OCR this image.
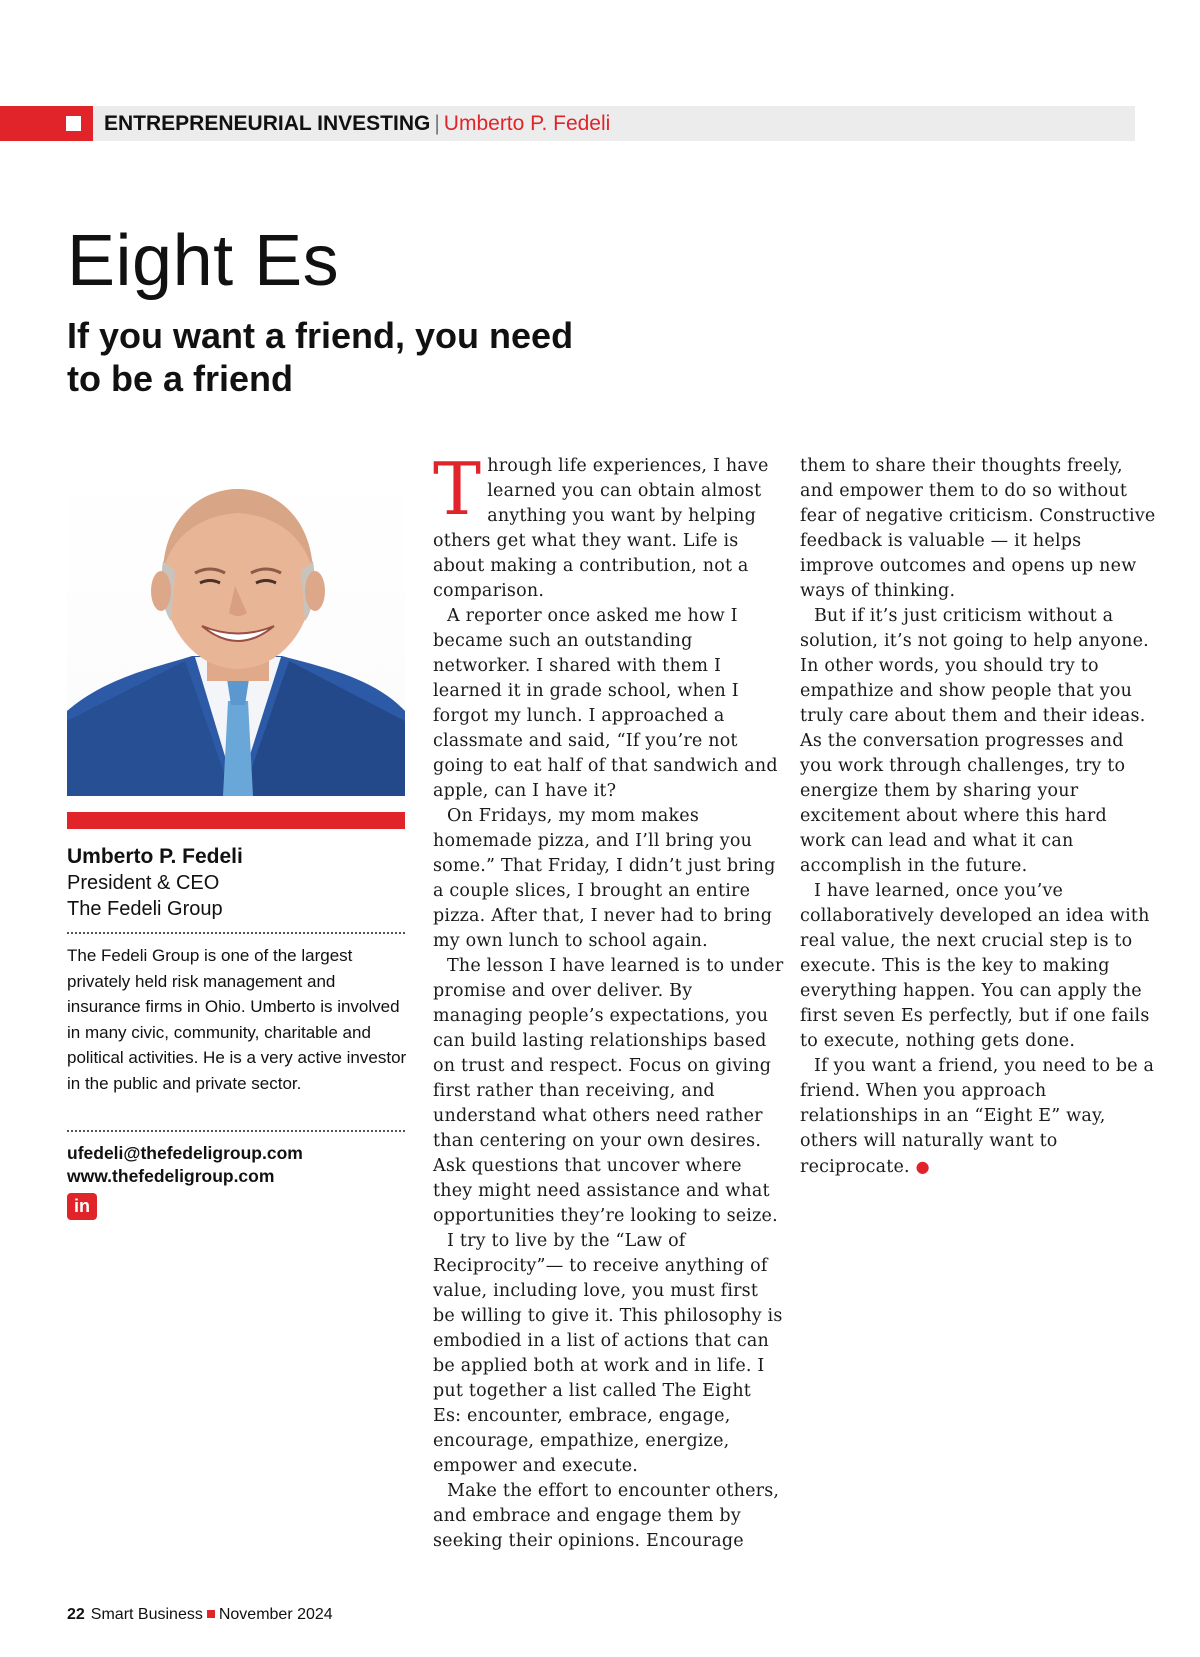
ENTREPRENEURIAL INVESTING | Umberto P. Fedeli
Eight Es
If you want a friend, you need to be a friend
Umberto P. Fedeli
President & CEO
The Fedeli Group
The Fedeli Group is one of the largest privately held risk management and insurance firms in Ohio. Umberto is involved in many civic, community, charitable and political activities. He is a very active investor in the public and private sector.
ufedeli@thefedeligroup.com
www.thefedeligroup.com
in

Through life experiences, I have learned you can obtain almost anything you want by helping others get what they want. Life is about making a contribution, not a comparison.

A reporter once asked me how I became such an outstanding networker. I shared with them I learned it in grade school, when I forgot my lunch. I approached a classmate and said, “If you’re not going to eat half of that sandwich and apple, can I have it?

On Fridays, my mom makes homemade pizza, and I’ll bring you some.” That Friday, I didn’t just bring a couple slices, I brought an entire pizza. After that, I never had to bring my own lunch to school again.

The lesson I have learned is to under promise and over deliver. By managing people’s expectations, you can build lasting relationships based on trust and respect. Focus on giving first rather than receiving, and understand what others need rather than centering on your own desires. Ask questions that uncover where they might need assistance and what opportunities they’re looking to seize.

I try to live by the “Law of Reciprocity”— to receive anything of value, including love, you must first be willing to give it. This philosophy is embodied in a list of actions that can be applied both at work and in life. I put together a list called The Eight Es: encounter, embrace, engage, encourage, empathize, energize, empower and execute.

Make the effort to encounter others, and embrace and engage them by seeking their opinions. Encourage

them to share their thoughts freely, and empower them to do so without fear of negative criticism. Constructive feedback is valuable — it helps improve outcomes and opens up new ways of thinking.

But if it’s just criticism without a solution, it’s not going to help anyone. In other words, you should try to empathize and show people that you truly care about them and their ideas. As the conversation progresses and you work through challenges, try to energize them by sharing your excitement about where this hard work can lead and what it can accomplish in the future.

I have learned, once you’ve collaboratively developed an idea with real value, the next crucial step is to execute. This is the key to making everything happen. You can apply the first seven Es perfectly, but if one fails to execute, nothing gets done.

If you want a friend, you need to be a friend. When you approach relationships in an “Eight E” way, others will naturally want to reciprocate. ●

22 Smart Business November 2024
